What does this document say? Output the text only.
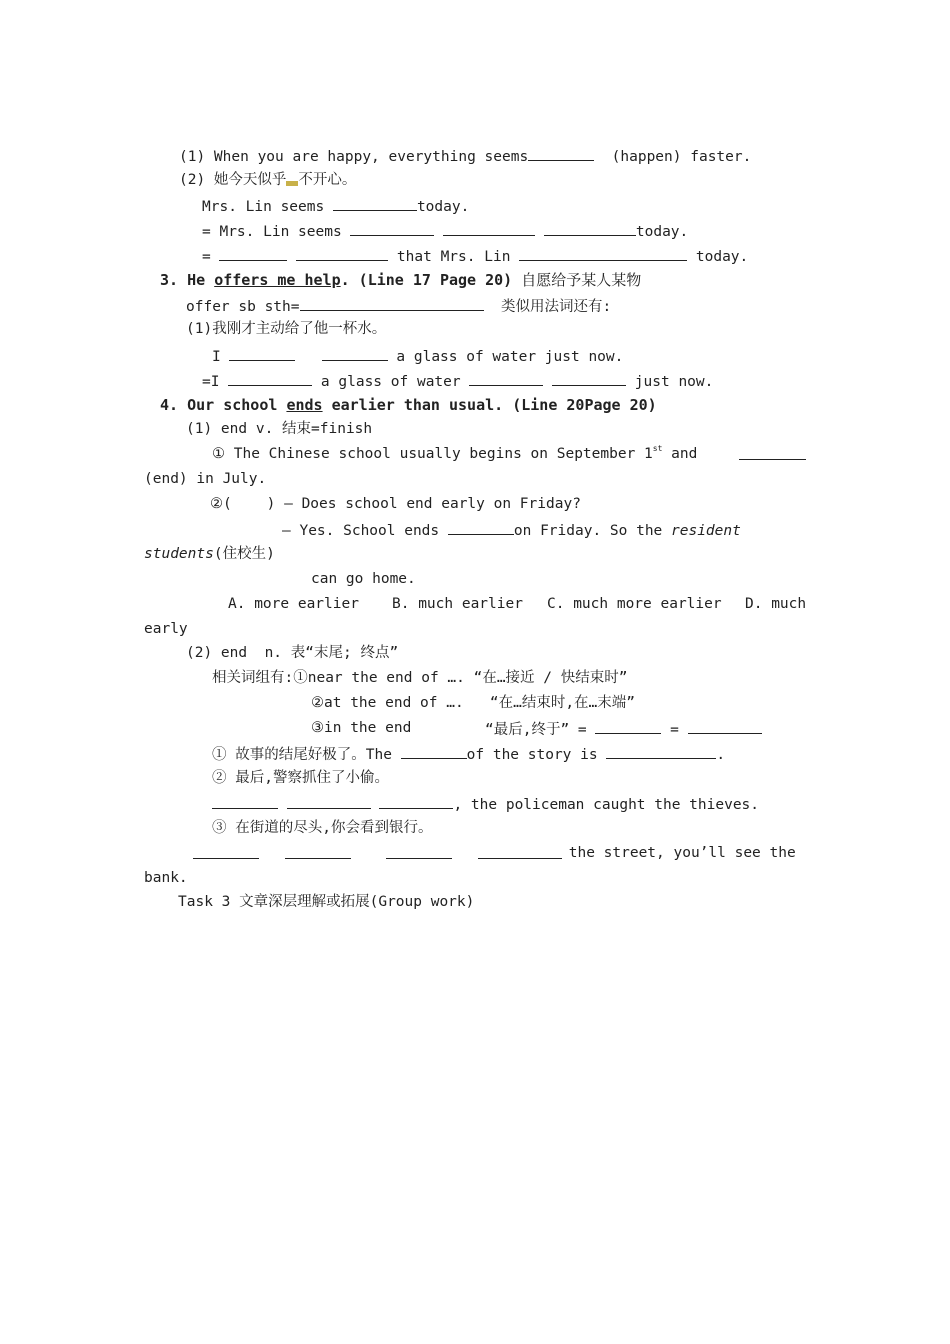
(1) When you are happy, everything seems	(happen) faster.

(2) 她今天似乎 不开心。

Mrs. Lin seems	today.

= Mrs. Lin seems	today.

=	that Mrs. Lin	today.

3. He offers me help. (Line 17 Page 20) 自愿给予某人某物

offer sb sth=	类似用法词还有:

(1)我刚才主动给了他一杯水。

I	a glass of water just now.

=I	a glass of water	just now.

4. Our school ends earlier than usual. (Line 20Page 20)

(1) end v. 结束=finish

① The Chinese school usually begins on September 1st and

(end) in July.

②(    ) — Does school end early on Friday?

— Yes. School ends	on Friday. So the resident

students(住校生)

can go home.

A. more earlier B. much earlier C. much more earlier D. much

early

(2) end  n. 表“末尾; 终点”

相关词组有:①near the end of …. “在…接近 / 快结束时”

②at the end of ….   “在…结束时,在…末端”

③in the end	“最后,终于” =	=

① 故事的结尾好极了。The	of the story is	.

② 最后,警察抓住了小偷。

, the policeman caught the thieves.

③ 在街道的尽头,你会看到银行。

the street, you’ll see the

bank.

Task 3 文章深层理解或拓展(Group work)
